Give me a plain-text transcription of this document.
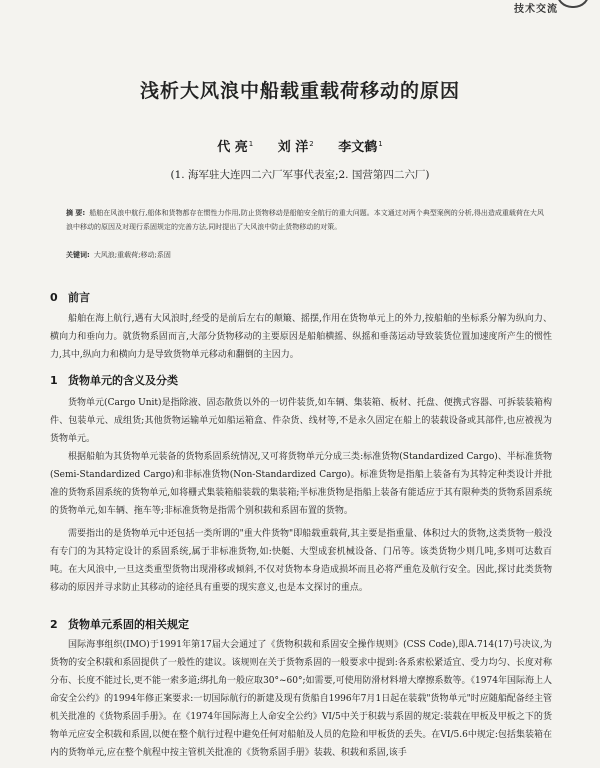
技术交流
浅析大风浪中船载重载荷移动的原因
代 亮$^1$ 刘 洋$^2$ 李文鹤$^1$
(1. 海军驻大连四二六厂军事代表室;2. 国营第四二六厂)
摘 要: 船舶在风浪中航行,船体和货物都存在惯性力作用,防止货物移动是船舶安全航行的重大问题。本文通过对两个典型案例的分析,得出造成重载荷在大风浪中移动的原因及对现行系固规定的完善方法,同时提出了大风浪中防止货物移动的对策。
关键词: 大风浪;重载荷;移动;系固
0 前言
船舶在海上航行,遇有大风浪时,经受的是前后左右的颠簸、摇摆,作用在货物单元上的外力,按船舶的坐标系分解为纵向力、横向力和垂向力。就货物系固而言,大部分货物移动的主要原因是船舶横摇、纵摇和垂荡运动导致装货位置加速度所产生的惯性力,其中,纵向力和横向力是导致货物单元移动和翻倒的主因力。
1 货物单元的含义及分类
货物单元(Cargo Unit)是指除液、固态散货以外的一切件装货,如车辆、集装箱、板材、托盘、便携式容器、可拆装装箱构件、包装单元、成组货;其他货物运输单元如船运箱盒、件杂货、线材等,不是永久固定在船上的装载设备或其部件,也应被视为货物单元。
根据船舶为其货物单元装备的货物系固系统情况,又可将货物单元分成三类:标准货物(Standardized Cargo)、半标准货物(Semi-Standardized Cargo)和非标准货物(Non-Standardized Cargo)。标准货物是指船上装备有为其特定种类设计并批准的货物系固系统的货物单元,如将栅式集装箱船装载的集装箱;半标准货物是指船上装备有能适应于其有限种类的货物系固系统的货物单元,如车辆、拖车等;非标准货物是指需个别积载和系固布置的货物。
需要指出的是货物单元中还包括一类所谓的"重大件货物"即船载重载荷,其主要是指重量、体积过大的货物,这类货物一般没有专门的为其特定设计的系固系统,属于非标准货物,如:快艇、大型成套机械设备、门吊等。该类货物少则几吨,多则可达数百吨。在大风浪中,一旦这类重型货物出现滑移或倾斜,不仅对货物本身造成损坏而且必将严重危及航行安全。因此,探讨此类货物移动的原因并寻求防止其移动的途径具有重要的现实意义,也是本文探讨的重点。
2 货物单元系固的相关规定
国际海事组织(IMO)于1991年第17届大会通过了《货物积载和系固安全操作规则》(CSS Code),即A.714(17)号决议,为货物的安全积载和系固提供了一般性的建议。该规则在关于货物系固的一般要求中提到:各系索松紧适宜、受力均匀、长度对称分布、长度不能过长,更不能一索多道;绑扎角一般应取30°~60°;如需要,可使用防滑材料增大摩擦系数等。《1974年国际海上人命安全公约》的1994年修正案要求:一切国际航行的新建及现有货船自1996年7月1日起在装载"货物单元"时应随船配备经主管机关批准的《货物系固手册》。在《1974年国际海上人命安全公约》VI/5中关于积载与系固的规定:装载在甲板及甲板之下的货物单元应安全积载和系固,以便在整个航行过程中避免任何对船舶及人员的危险和甲板货的丢失。在VI/5.6中规定:包括集装箱在内的货物单元,应在整个航程中按主管机关批准的《货物系固手册》装载、积载和系固,该手
